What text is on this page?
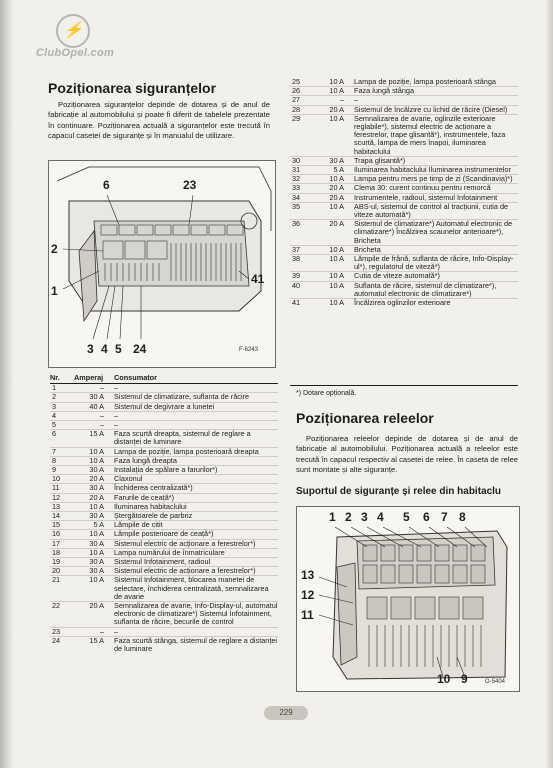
⚡
ClubOpel.com
Poziționarea siguranțelor

Poziționarea siguranțelor depinde de dotarea și de anul de fabricație al automobilului și poate fi diferit de tabelele prezentate în continuare. Poziționarea actuală a siguranțelor este trecută în capacul casetei de siguranțe și în manualul de utilizare.

6	23
2
1
41
3 4 5 24	F-6243
Nr.	Amperaj	Consumator
1	–	–
2	30 A	Sistemul de climatizare, suflanta de răcire
3	40 A	Sistemul de degivrare a lunetei
4	–	–
5	–	–
6	15 A	Faza scurtă dreapta, sistemul de reglare a distanței de luminare
7	10 A	Lampa de poziție, lampa posterioară dreapta
8	10 A	Faza lungă dreapta
9	30 A	Instalația de spălare a farurilor*)
10	20 A	Claxonul
11	30 A	Închiderea centralizată*)
12	20 A	Farurile de ceață*)
13	10 A	Iluminarea habitaclului
14	30 A	Ștergătoarele de parbriz
15	5 A	Lămpile de citit
16	10 A	Lămpile posterioare de ceață*)
17	30 A	Sistemul electric de acționare a ferestrelor*)
18	10 A	Lampa numărului de înmatriculare
19	30 A	Sistemul Infotainment, radioul
20	30 A	Sistemul electric de acționare a ferestrelor*)
21	10 A	Sistemul Infotainment, blocarea manetei de selectare, închiderea centralizată, semnalizarea de avarie
22	20 A	Semnalizarea de avarie, Info-Display-ul, automatul electronic de climatizare*) Sistemul Infotainment, suflanta de răcire, becurile de control
23	–	–
24	15 A	Faza scurtă stânga, sistemul de reglare a distanței de luminare
25	10 A	Lampa de poziție, lampa posterioară stânga
26	10 A	Faza lungă stânga
27	–	–
28	20 A	Sistemul de încălzire cu lichid de răcire (Diesel)
29	10 A	Semnalizarea de avarie, oglinzile exterioare reglabile*), sistemul electric de acționare a ferestrelor, trape glisantă*), instrumentele, faza scurtă, lampa de mers înapoi, iluminarea habitaclului
30	30 A	Trapa glisantă*)
31	5 A	Iluminarea habitaclului Iluminarea instrumentelor
32	10 A	Lampa pentru mers pe timp de zi (Scandinavia)*)
33	20 A	Clema 30: curent continuu pentru remorcă
34	20 A	Instrumentele, radioul, sistemul Infotainment
35	10 A	ABS-ul, sistemul de control al tracțiunii, cutia de viteze automată*)
36	20 A	Sistemul de climatizare*) Automatul electronic de climatizare*) Încălzirea scaunelor anterioare*), Bricheta
37	10 A	Bricheta
38	10 A	Lămpile de frână, suflanta de răcire, Info-Display-ul*), regulatorul de viteză*)
39	10 A	Cutia de viteze automată*)
40	10 A	Suflanta de răcire, sistemul de climatizare*), automatul electronic de climatizare*)
41	10 A	Încălzirea oglinzilor exterioare
*) Dotare opțională.
Poziționarea releelor

Poziționarea releelor depinde de dotarea și de anul de fabricație al automobilului. Poziționarea actuală a releelor este trecută în capacul respectiv al casetei de relee. În caseta de relee sunt montate și alte siguranțe.

Suportul de siguranțe și relee din habitaclu
1 2 3 4 5 6 7 8
13
12
11
10 9	O-5404
229
